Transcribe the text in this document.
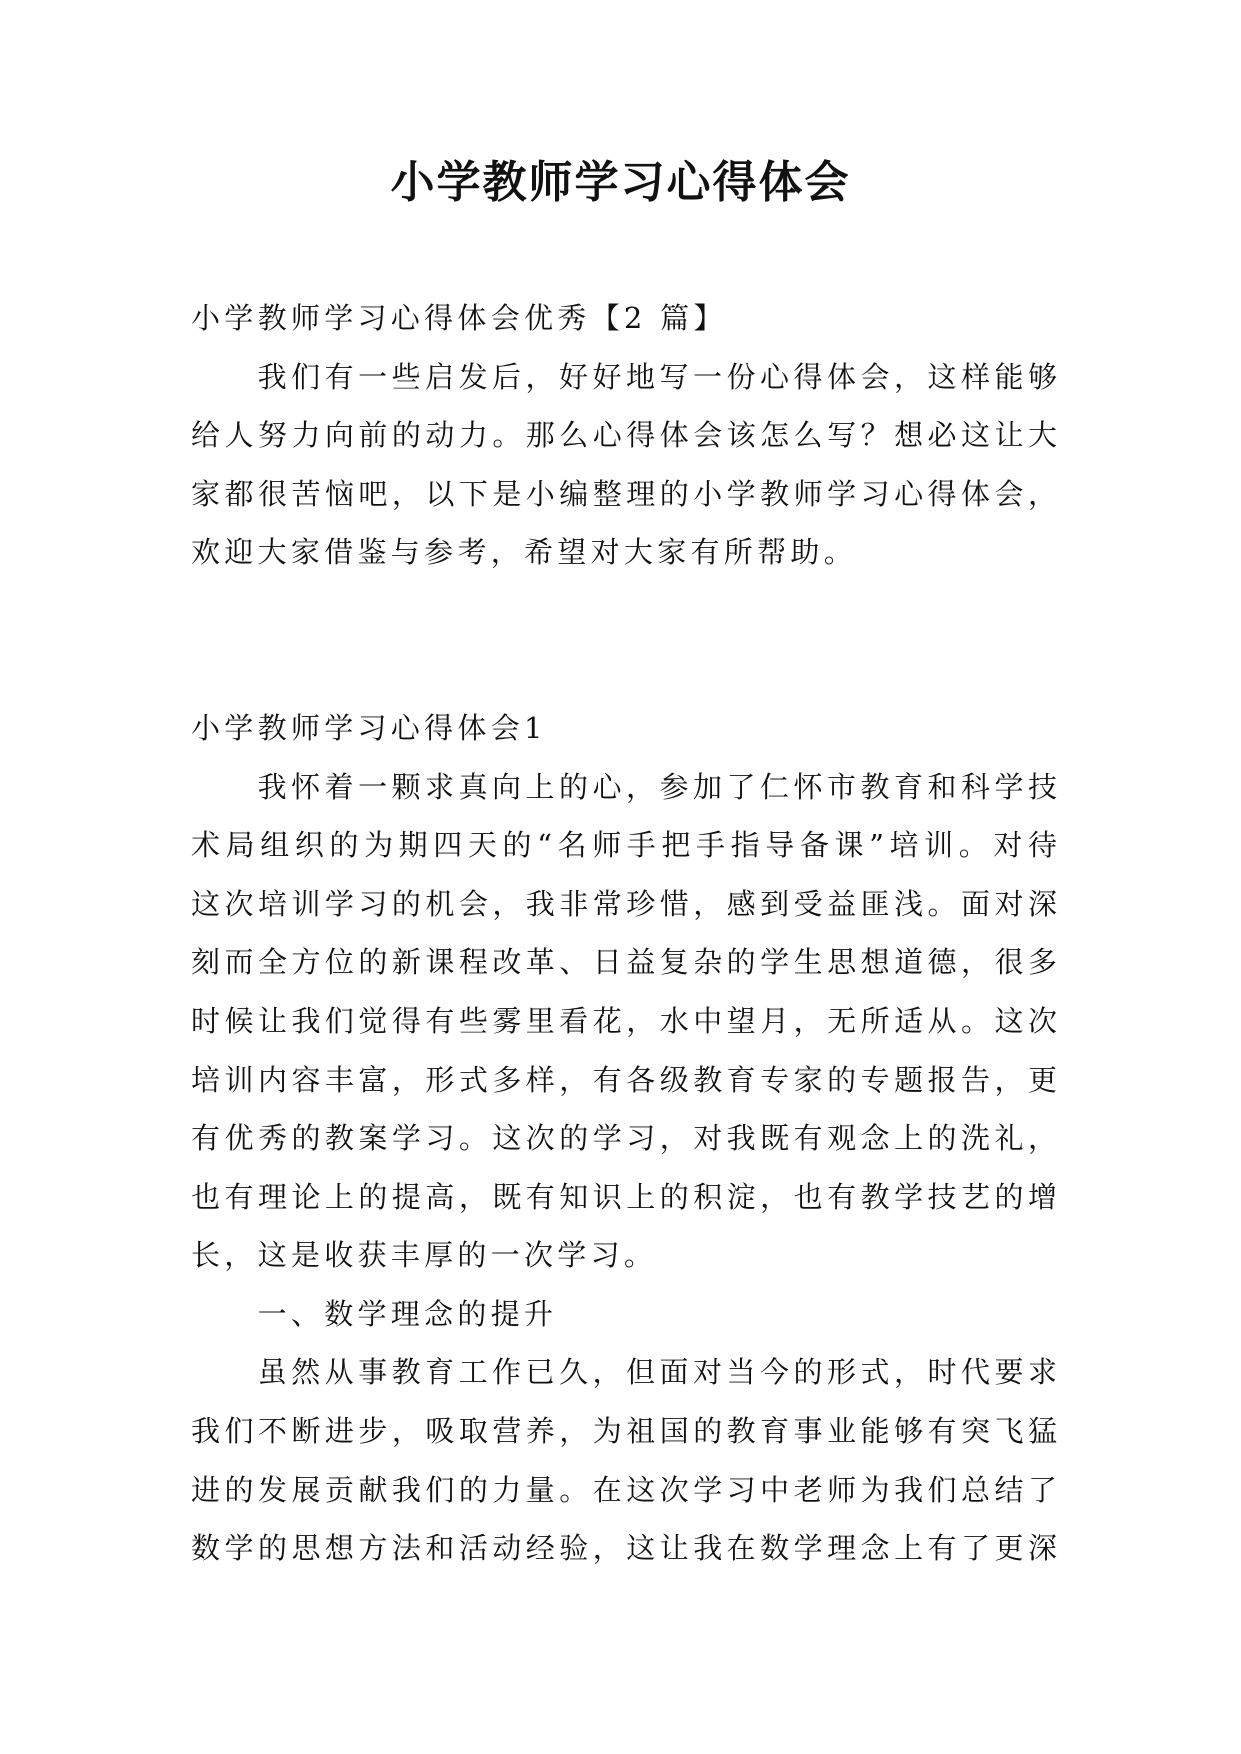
小学教师学习心得体会
小学教师学习心得体会优秀【2 篇】
我们有一些启发后，好好地写一份心得体会，这样能够
给人努力向前的动力。那么心得体会该怎么写？想必这让大
家都很苦恼吧，以下是小编整理的小学教师学习心得体会，
欢迎大家借鉴与参考，希望对大家有所帮助。
小学教师学习心得体会1
我怀着一颗求真向上的心，参加了仁怀市教育和科学技
术局组织的为期四天的“名师手把手指导备课”培训。对待
这次培训学习的机会，我非常珍惜，感到受益匪浅。面对深
刻而全方位的新课程改革、日益复杂的学生思想道德，很多
时候让我们觉得有些雾里看花，水中望月，无所适从。这次
培训内容丰富，形式多样，有各级教育专家的专题报告，更
有优秀的教案学习。这次的学习，对我既有观念上的洗礼，
也有理论上的提高，既有知识上的积淀，也有教学技艺的增
长，这是收获丰厚的一次学习。
一、数学理念的提升
虽然从事教育工作已久，但面对当今的形式，时代要求
我们不断进步，吸取营养，为祖国的教育事业能够有突飞猛
进的发展贡献我们的力量。在这次学习中老师为我们总结了
数学的思想方法和活动经验，这让我在数学理念上有了更深
